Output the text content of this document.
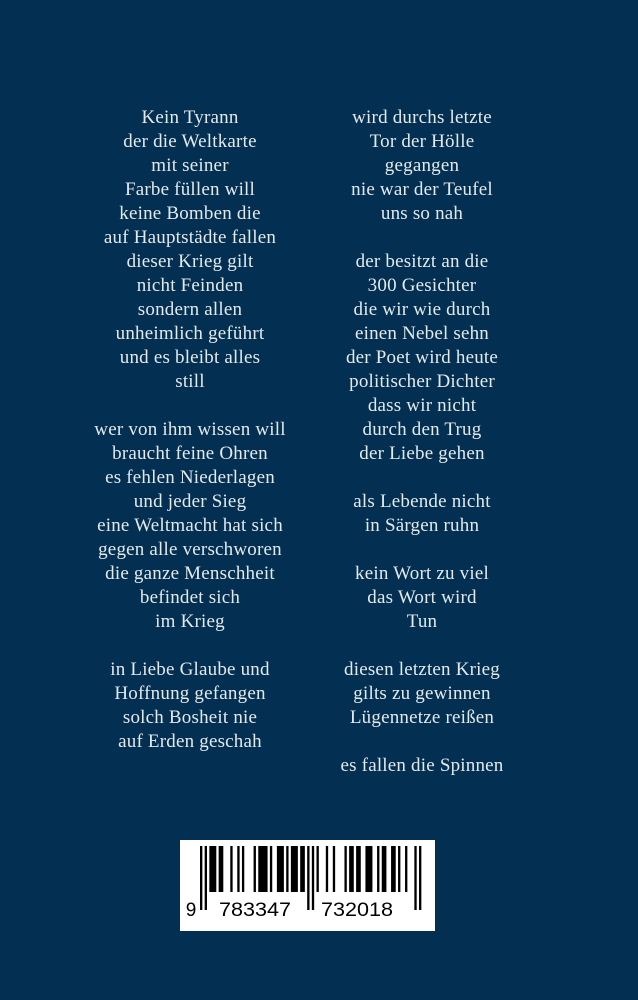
Kein Tyrann
der die Weltkarte
mit seiner
Farbe füllen will
keine Bomben die
auf Hauptstädte fallen
dieser Krieg gilt
nicht Feinden
sondern allen
unheimlich geführt
und es bleibt alles
still
wer von ihm wissen will
braucht feine Ohren
es fehlen Niederlagen
und jeder Sieg
eine Weltmacht hat sich
gegen alle verschworen
die ganze Menschheit
befindet sich
im Krieg
in Liebe Glaube und
Hoffnung gefangen
solch Bosheit nie
auf Erden geschah
wird durchs letzte
Tor der Hölle
gegangen
nie war der Teufel
uns so nah
der besitzt an die
300 Gesichter
die wir wie durch
einen Nebel sehn
der Poet wird heute
politischer Dichter
dass wir nicht
durch den Trug
der Liebe gehen
als Lebende nicht
in Särgen ruhn
kein Wort zu viel
das Wort wird
Tun
diesen letzten Krieg
gilts zu gewinnen
Lügennetze reißen
es fallen die Spinnen
9 783347 732018
